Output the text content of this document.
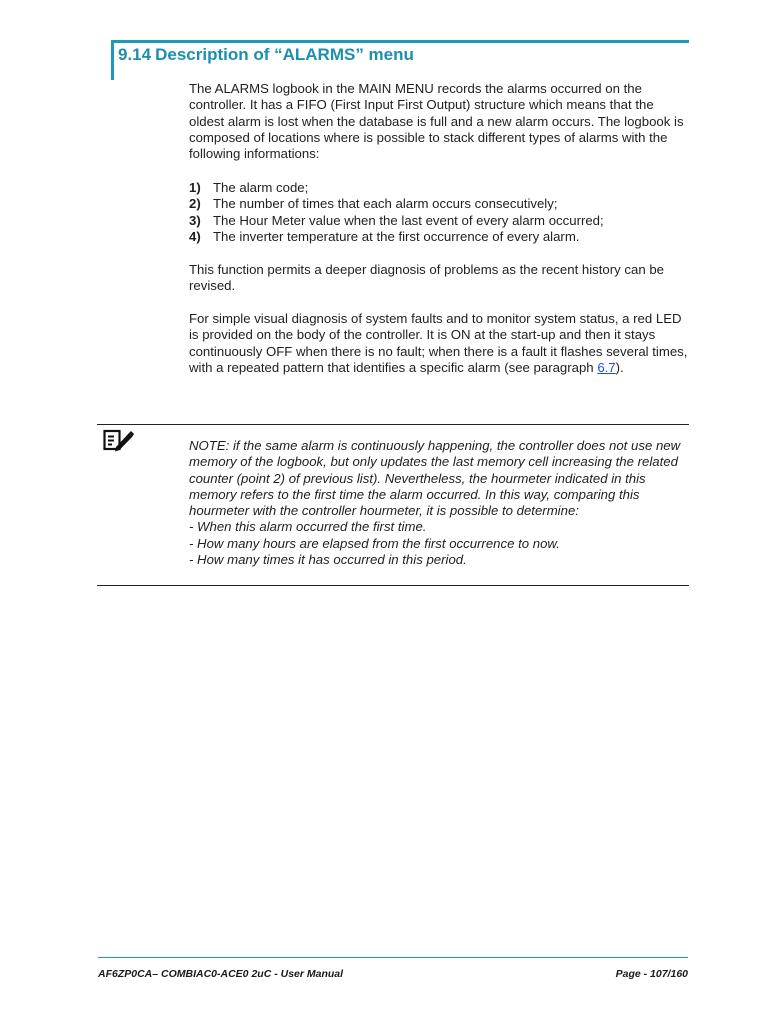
9.14 Description of “ALARMS” menu
The ALARMS logbook in the MAIN MENU records the alarms occurred on the controller. It has a FIFO (First Input First Output) structure which means that the oldest alarm is lost when the database is full and a new alarm occurs. The logbook is composed of locations where is possible to stack different types of alarms with the following informations:
1) The alarm code;
2) The number of times that each alarm occurs consecutively;
3) The Hour Meter value when the last event of every alarm occurred;
4) The inverter temperature at the first occurrence of every alarm.
This function permits a deeper diagnosis of problems as the recent history can be revised.
For simple visual diagnosis of system faults and to monitor system status, a red LED is provided on the body of the controller. It is ON at the start-up and then it stays continuously OFF when there is no fault; when there is a fault it flashes several times, with a repeated pattern that identifies a specific alarm (see paragraph 6.7).
NOTE: if the same alarm is continuously happening, the controller does not use new memory of the logbook, but only updates the last memory cell increasing the related counter (point 2) of previous list). Nevertheless, the hourmeter indicated in this memory refers to the first time the alarm occurred. In this way, comparing this hourmeter with the controller hourmeter, it is possible to determine:
- When this alarm occurred the first time.
- How many hours are elapsed from the first occurrence to now.
- How many times it has occurred in this period.
AF6ZP0CA– COMBIAC0-ACE0 2uC - User Manual	Page - 107/160
